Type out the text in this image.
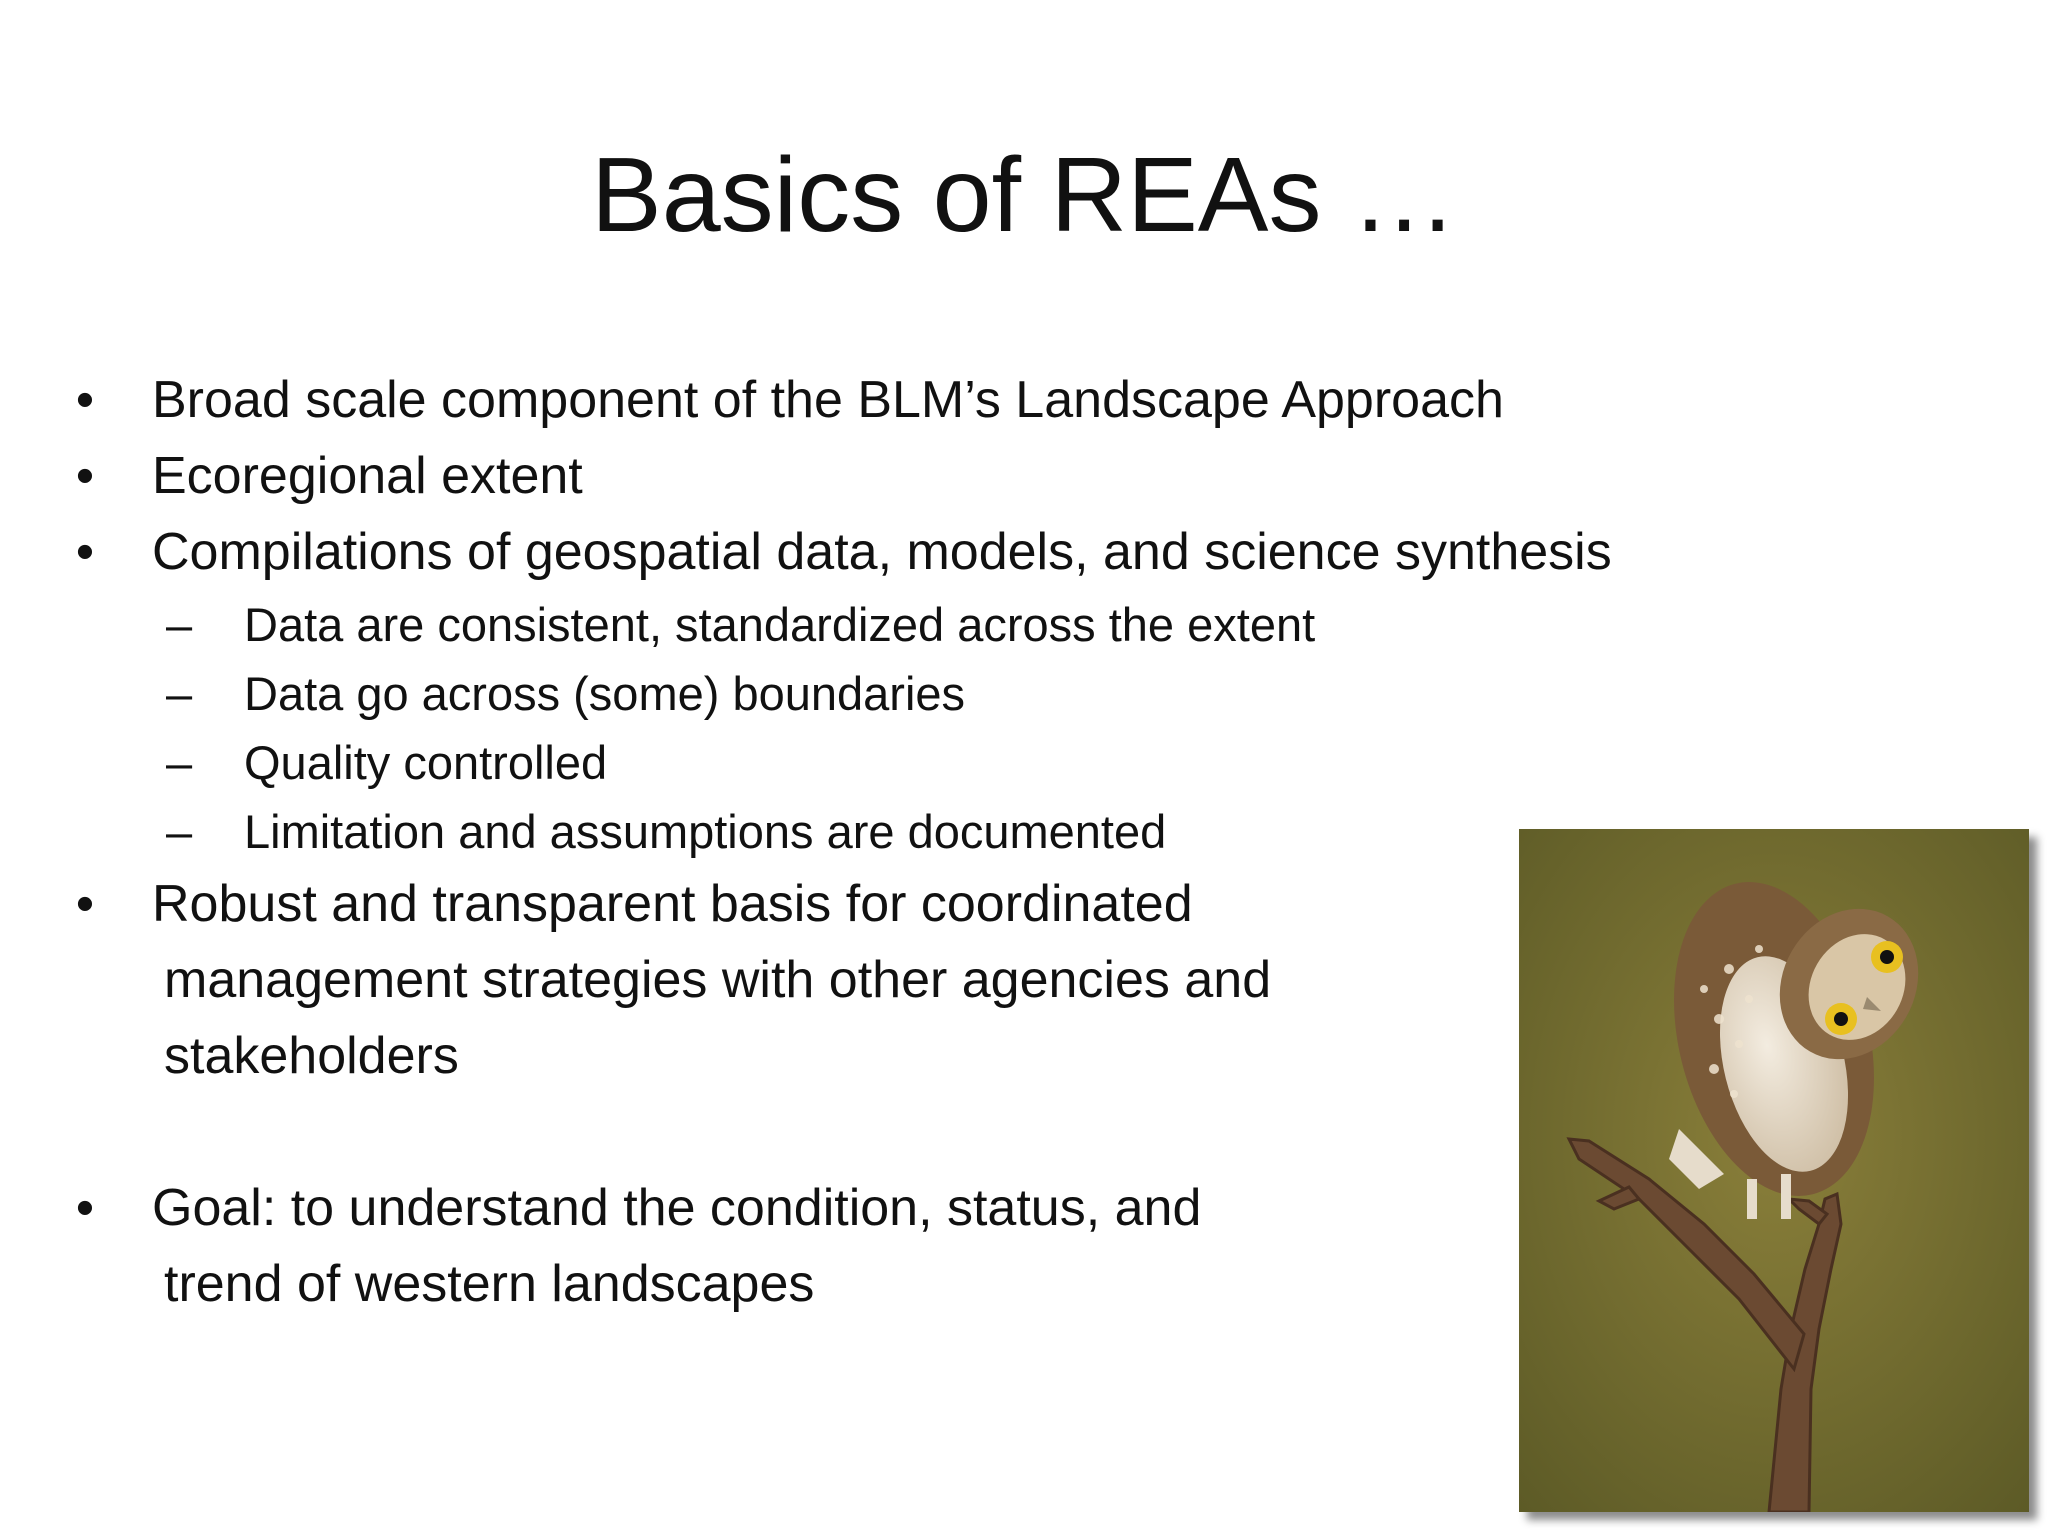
Basics of REAs …
• Broad scale component of the BLM’s Landscape Approach
• Ecoregional extent
• Compilations of geospatial data, models, and science synthesis
– Data are consistent, standardized across the extent
– Data go across (some) boundaries
– Quality controlled
– Limitation and assumptions are documented
• Robust and transparent basis for coordinated
management strategies with other agencies and
stakeholders
• Goal: to understand the condition, status, and
trend of western landscapes
